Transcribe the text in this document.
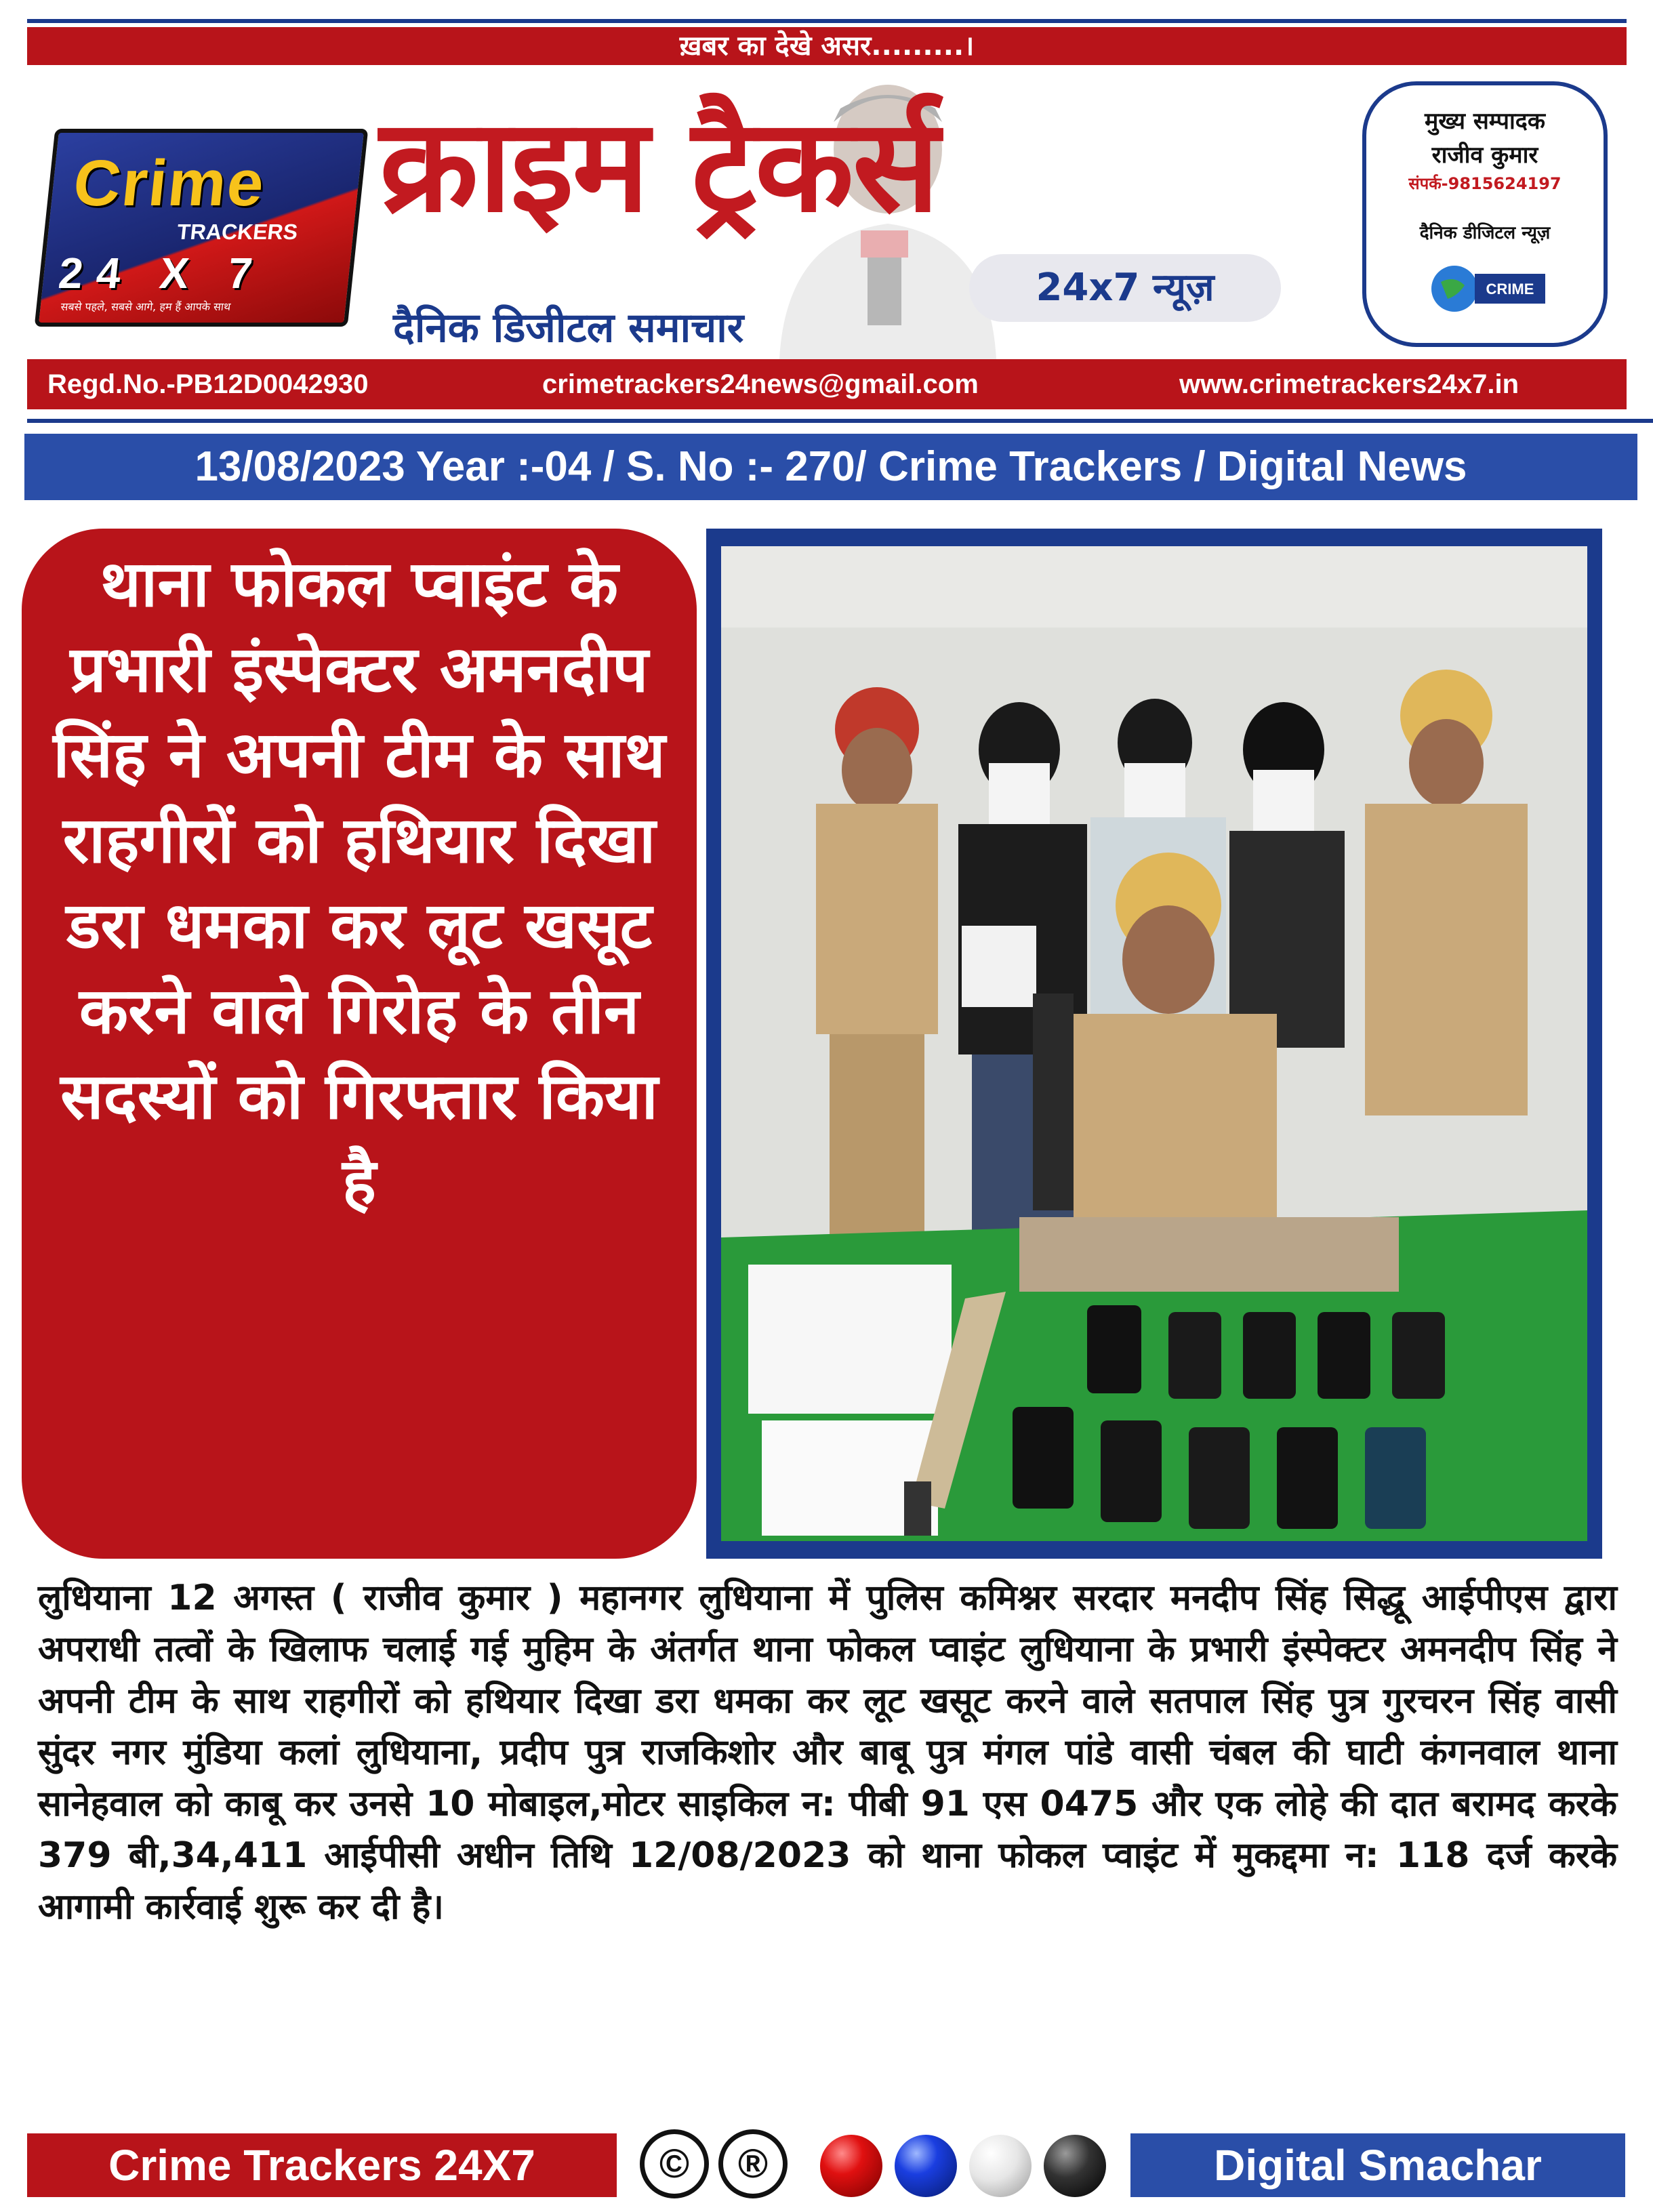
ख़बर का देखे असर.........।
Crime
TRACKERS
24 X 7
सबसे पहले, सबसे आगे, हम हैं आपके साथ
क्राइम ट्रैकर्स
24x7 न्यूज़
दैनिक डिजीटल समाचार
मुख्य सम्पादक
राजीव कुमार
संपर्क-9815624197
दैनिक डीजिटल न्यूज़
CRIME
Regd.No.-PB12D0042930	crimetrackers24news@gmail.com	www.crimetrackers24x7.in
13/08/2023 Year :-04 / S. No :- 270/ Crime Trackers / Digital News
थाना फोकल प्वाइंट के प्रभारी इंस्पेक्टर अमनदीप सिंह ने अपनी टीम के साथ राहगीरों को हथियार दिखा डरा धमका कर लूट खसूट करने वाले गिरोह के तीन सदस्यों को गिरफ्तार किया है
लुधियाना 12 अगस्त ( राजीव कुमार ) महानगर लुधियाना में पुलिस कमिश्नर सरदार मनदीप सिंह सिद्धू आईपीएस द्वारा अपराधी तत्वों के खिलाफ चलाई गई मुहिम के अंतर्गत थाना फोकल प्वाइंट लुधियाना के प्रभारी इंस्पेक्टर अमनदीप सिंह ने अपनी टीम के साथ राहगीरों को हथियार दिखा डरा धमका कर लूट खसूट करने वाले सतपाल सिंह पुत्र गुरचरन सिंह वासी सुंदर नगर मुंडिया कलां लुधियाना, प्रदीप पुत्र राजकिशोर और बाबू पुत्र मंगल पांडे वासी चंबल की घाटी कंगनवाल थाना सानेहवाल को काबू कर उनसे 10 मोबाइल,मोटर साइकिल न: पीबी 91 एस 0475 और एक लोहे की दात बरामद करके 379 बी,34,411 आईपीसी अधीन तिथि 12/08/2023 को थाना फोकल प्वाइंट में मुकद्दमा न: 118 दर्ज करके आगामी कार्रवाई शुरू कर दी है।
Crime Trackers 24X7	©	®	Digital Smachar
